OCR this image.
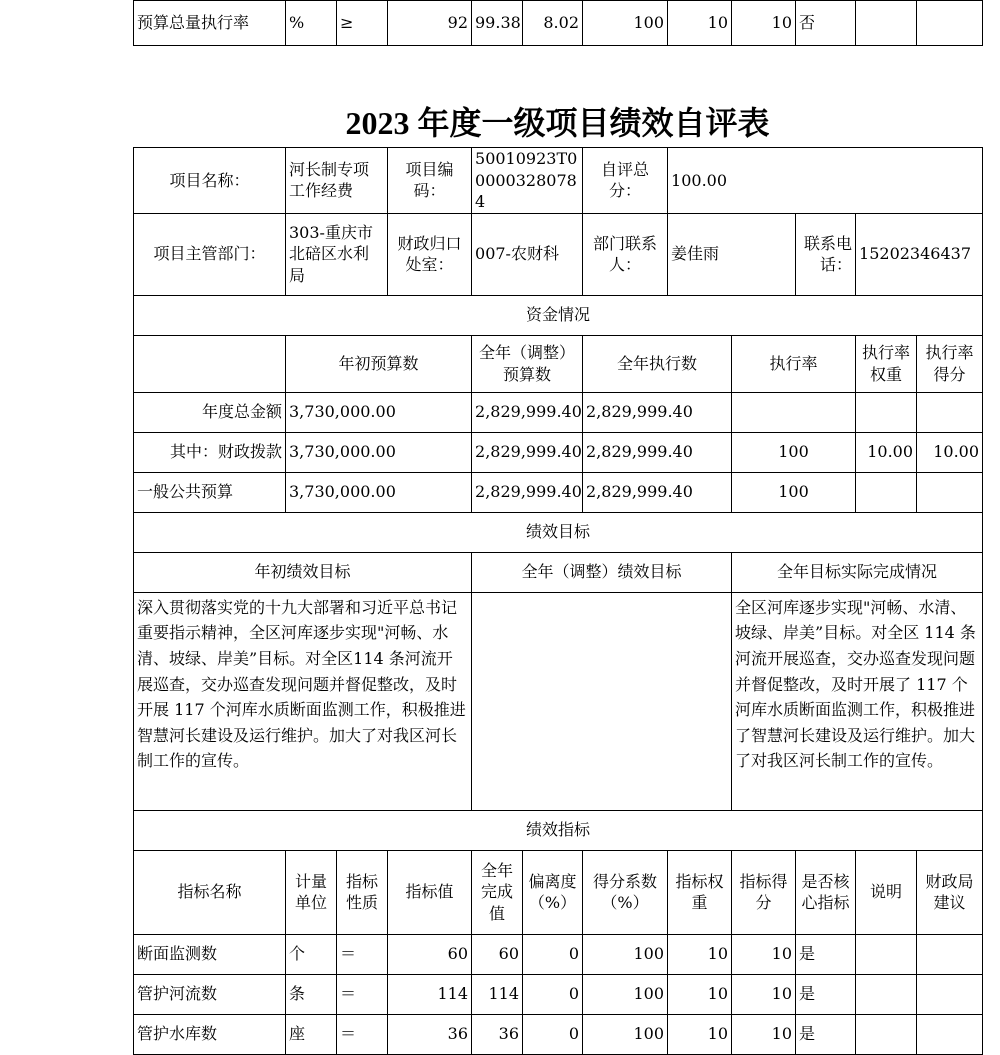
预算总量执行率	%	≥	92	99.38	8.02	100	10	10	否		
2023 年度一级项目绩效自评表
项目名称：	河长制专项工作经费		项目编码：	50010923T000003280784		自评总分：	100.00				
项目主管部门：	303-重庆市北碚区水利局		财政归口处室：	007-农财科		部门联系人：	姜佳雨		联系电话：	15202346437	
资金情况											
	年初预算数			全年（调整）预算数		全年执行数		执行率		执行率权重	执行率得分
年度总金额	3,730,000.00			2,829,999.40		2,829,999.40					
其中：财政拨款	3,730,000.00			2,829,999.40		2,829,999.40		100		10.00	10.00
一般公共预算	3,730,000.00			2,829,999.40		2,829,999.40		100			
绩效目标											
年初绩效目标				全年（调整）绩效目标				全年目标实际完成情况			
深入贯彻落实党的十九大部署和习近平总书记重要指示精神，全区河库逐步实现"河畅、水清、坡绿、岸美”目标。对全区114 条河流开展巡查，交办巡查发现问题并督促整改，及时开展 117 个河库水质断面监测工作，积极推进智慧河长建设及运行维护。加大了对我区河长制工作的宣传。								全区河库逐步实现"河畅、水清、坡绿、岸美”目标。对全区 114 条河流开展巡查，交办巡查发现问题并督促整改，及时开展了 117 个河库水质断面监测工作，积极推进了智慧河长建设及运行维护。加大了对我区河长制工作的宣传。			
绩效指标											
指标名称	计量单位	指标性质	指标值	全年完成值	偏离度（%）	得分系数（%）	指标权重	指标得分	是否核心指标	说明	财政局建议
断面监测数	个	＝	60	60	0	100	10	10	是		
管护河流数	条	＝	114	114	0	100	10	10	是		
管护水库数	座	＝	36	36	0	100	10	10	是		
